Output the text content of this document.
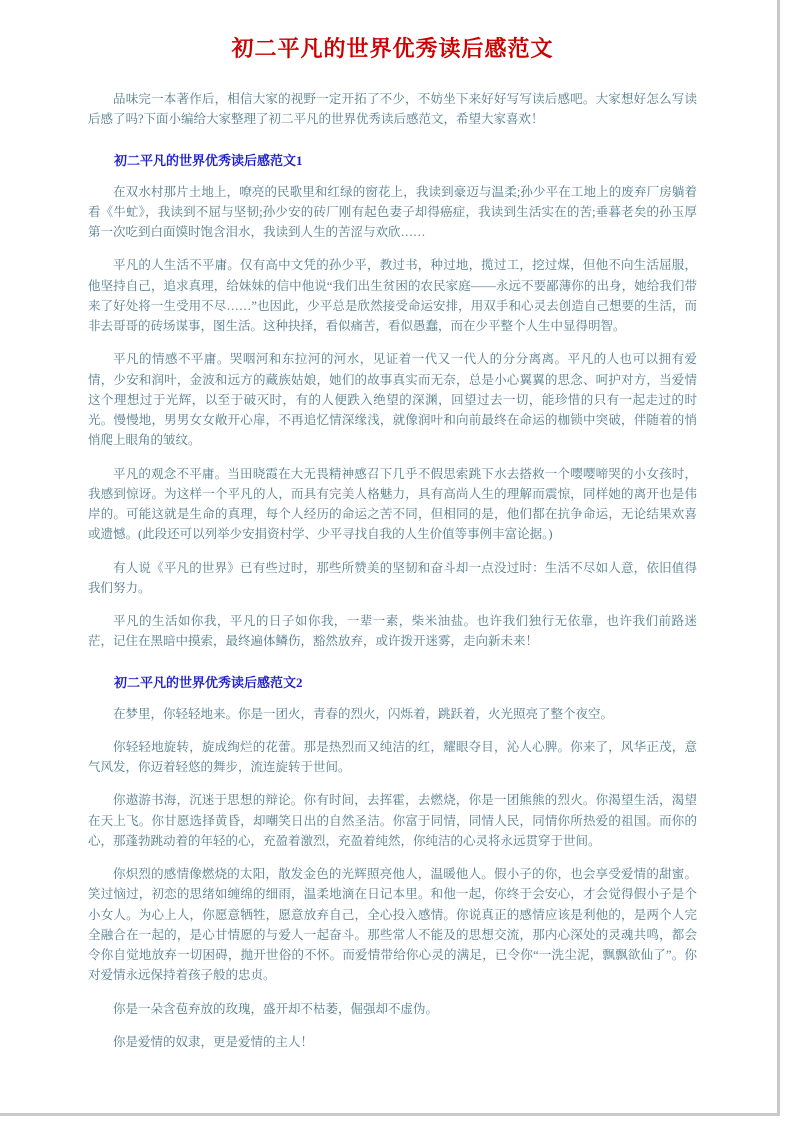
初二平凡的世界优秀读后感范文

品味完一本著作后，相信大家的视野一定开拓了不少，不妨坐下来好好写写读后感吧。大家想好怎么写读后感了吗?下面小编给大家整理了初二平凡的世界优秀读后感范文，希望大家喜欢！

初二平凡的世界优秀读后感范文1

在双水村那片土地上，嘹亮的民歌里和红绿的窗花上，我读到豪迈与温柔;孙少平在工地上的废弃厂房躺着看《牛虻》，我读到不屈与坚韧;孙少安的砖厂刚有起色妻子却得癌症，我读到生活实在的苦;垂暮老矣的孙玉厚第一次吃到白面馍时饱含泪水，我读到人生的苦涩与欢欣……

平凡的人生活不平庸。仅有高中文凭的孙少平，教过书，种过地，揽过工，挖过煤，但他不向生活屈服，他坚持自己，追求真理，给妹妹的信中他说“我们出生贫困的农民家庭——永远不要鄙薄你的出身，她给我们带来了好处将一生受用不尽……”也因此，少平总是欣然接受命运安排，用双手和心灵去创造自己想要的生活，而非去哥哥的砖场谋事，图生活。这种抉择，看似痛苦，看似愚蠢，而在少平整个人生中显得明智。

平凡的情感不平庸。哭咽河和东拉河的河水，见证着一代又一代人的分分离离。平凡的人也可以拥有爱情，少安和润叶，金波和远方的藏族姑娘，她们的故事真实而无奈，总是小心翼翼的思念、呵护对方，当爱情这个理想过于光辉，以至于破灭时，有的人便跌入绝望的深渊，回望过去一切，能珍惜的只有一起走过的时光。慢慢地，男男女女敞开心扉，不再追忆情深缘浅，就像润叶和向前最终在命运的枷锁中突破，伴随着的悄悄爬上眼角的皱纹。

平凡的观念不平庸。当田晓霞在大无畏精神感召下几乎不假思索跳下水去搭救一个嘤嘤啼哭的小女孩时，我感到惊讶。为这样一个平凡的人，而具有完美人格魅力，具有高尚人生的理解而震惊，同样她的离开也是伟岸的。可能这就是生命的真理，每个人经历的命运之苦不同，但相同的是，他们都在抗争命运，无论结果欢喜或遗憾。(此段还可以列举少安捐资村学、少平寻找自我的人生价值等事例丰富论据。)

有人说《平凡的世界》已有些过时，那些所赞美的坚韧和奋斗却一点没过时：生活不尽如人意，依旧值得我们努力。

平凡的生活如你我，平凡的日子如你我，一辈一素，柴米油盐。也许我们独行无依靠，也许我们前路迷茫，记住在黑暗中摸索，最终遍体鳞伤，豁然放弃，或许拨开迷雾，走向新未来！

初二平凡的世界优秀读后感范文2

在梦里，你轻轻地来。你是一团火，青春的烈火，闪烁着，跳跃着，火光照亮了整个夜空。

你轻轻地旋转，旋成绚烂的花蕾。那是热烈而又纯洁的红，耀眼夺目，沁人心脾。你来了，风华正茂，意气风发，你迈着轻悠的舞步，流连旋转于世间。

你遨游书海，沉迷于思想的辩论。你有时间，去挥霍，去燃烧，你是一团熊熊的烈火。你渴望生活，渴望在天上飞。你甘愿选择黄昏，却嘲笑日出的自然圣洁。你富于同情，同情人民，同情你所热爱的祖国。而你的心，那蓬勃跳动着的年轻的心，充盈着激烈，充盈着纯然，你纯洁的心灵将永远贯穿于世间。

你炽烈的感情像燃烧的太阳，散发金色的光辉照亮他人，温暖他人。假小子的你，也会享受爱情的甜蜜。笑过恼过，初恋的思绪如缠绵的细雨，温柔地滴在日记本里。和他一起，你终于会安心，才会觉得假小子是个小女人。为心上人，你愿意牺牲，愿意放弃自己，全心投入感情。你说真正的感情应该是利他的，是两个人完全融合在一起的，是心甘情愿的与爱人一起奋斗。那些常人不能及的思想交流，那内心深处的灵魂共鸣，都会令你自觉地放弃一切困碍，抛开世俗的不怀。而爱情带给你心灵的满足，已令你“一洗尘泥，飘飘欲仙了”。你对爱情永远保持着孩子般的忠贞。

你是一朵含苞弃放的玫瑰，盛开却不枯萎，倔强却不虚伪。

你是爱情的奴隶，更是爱情的主人！
